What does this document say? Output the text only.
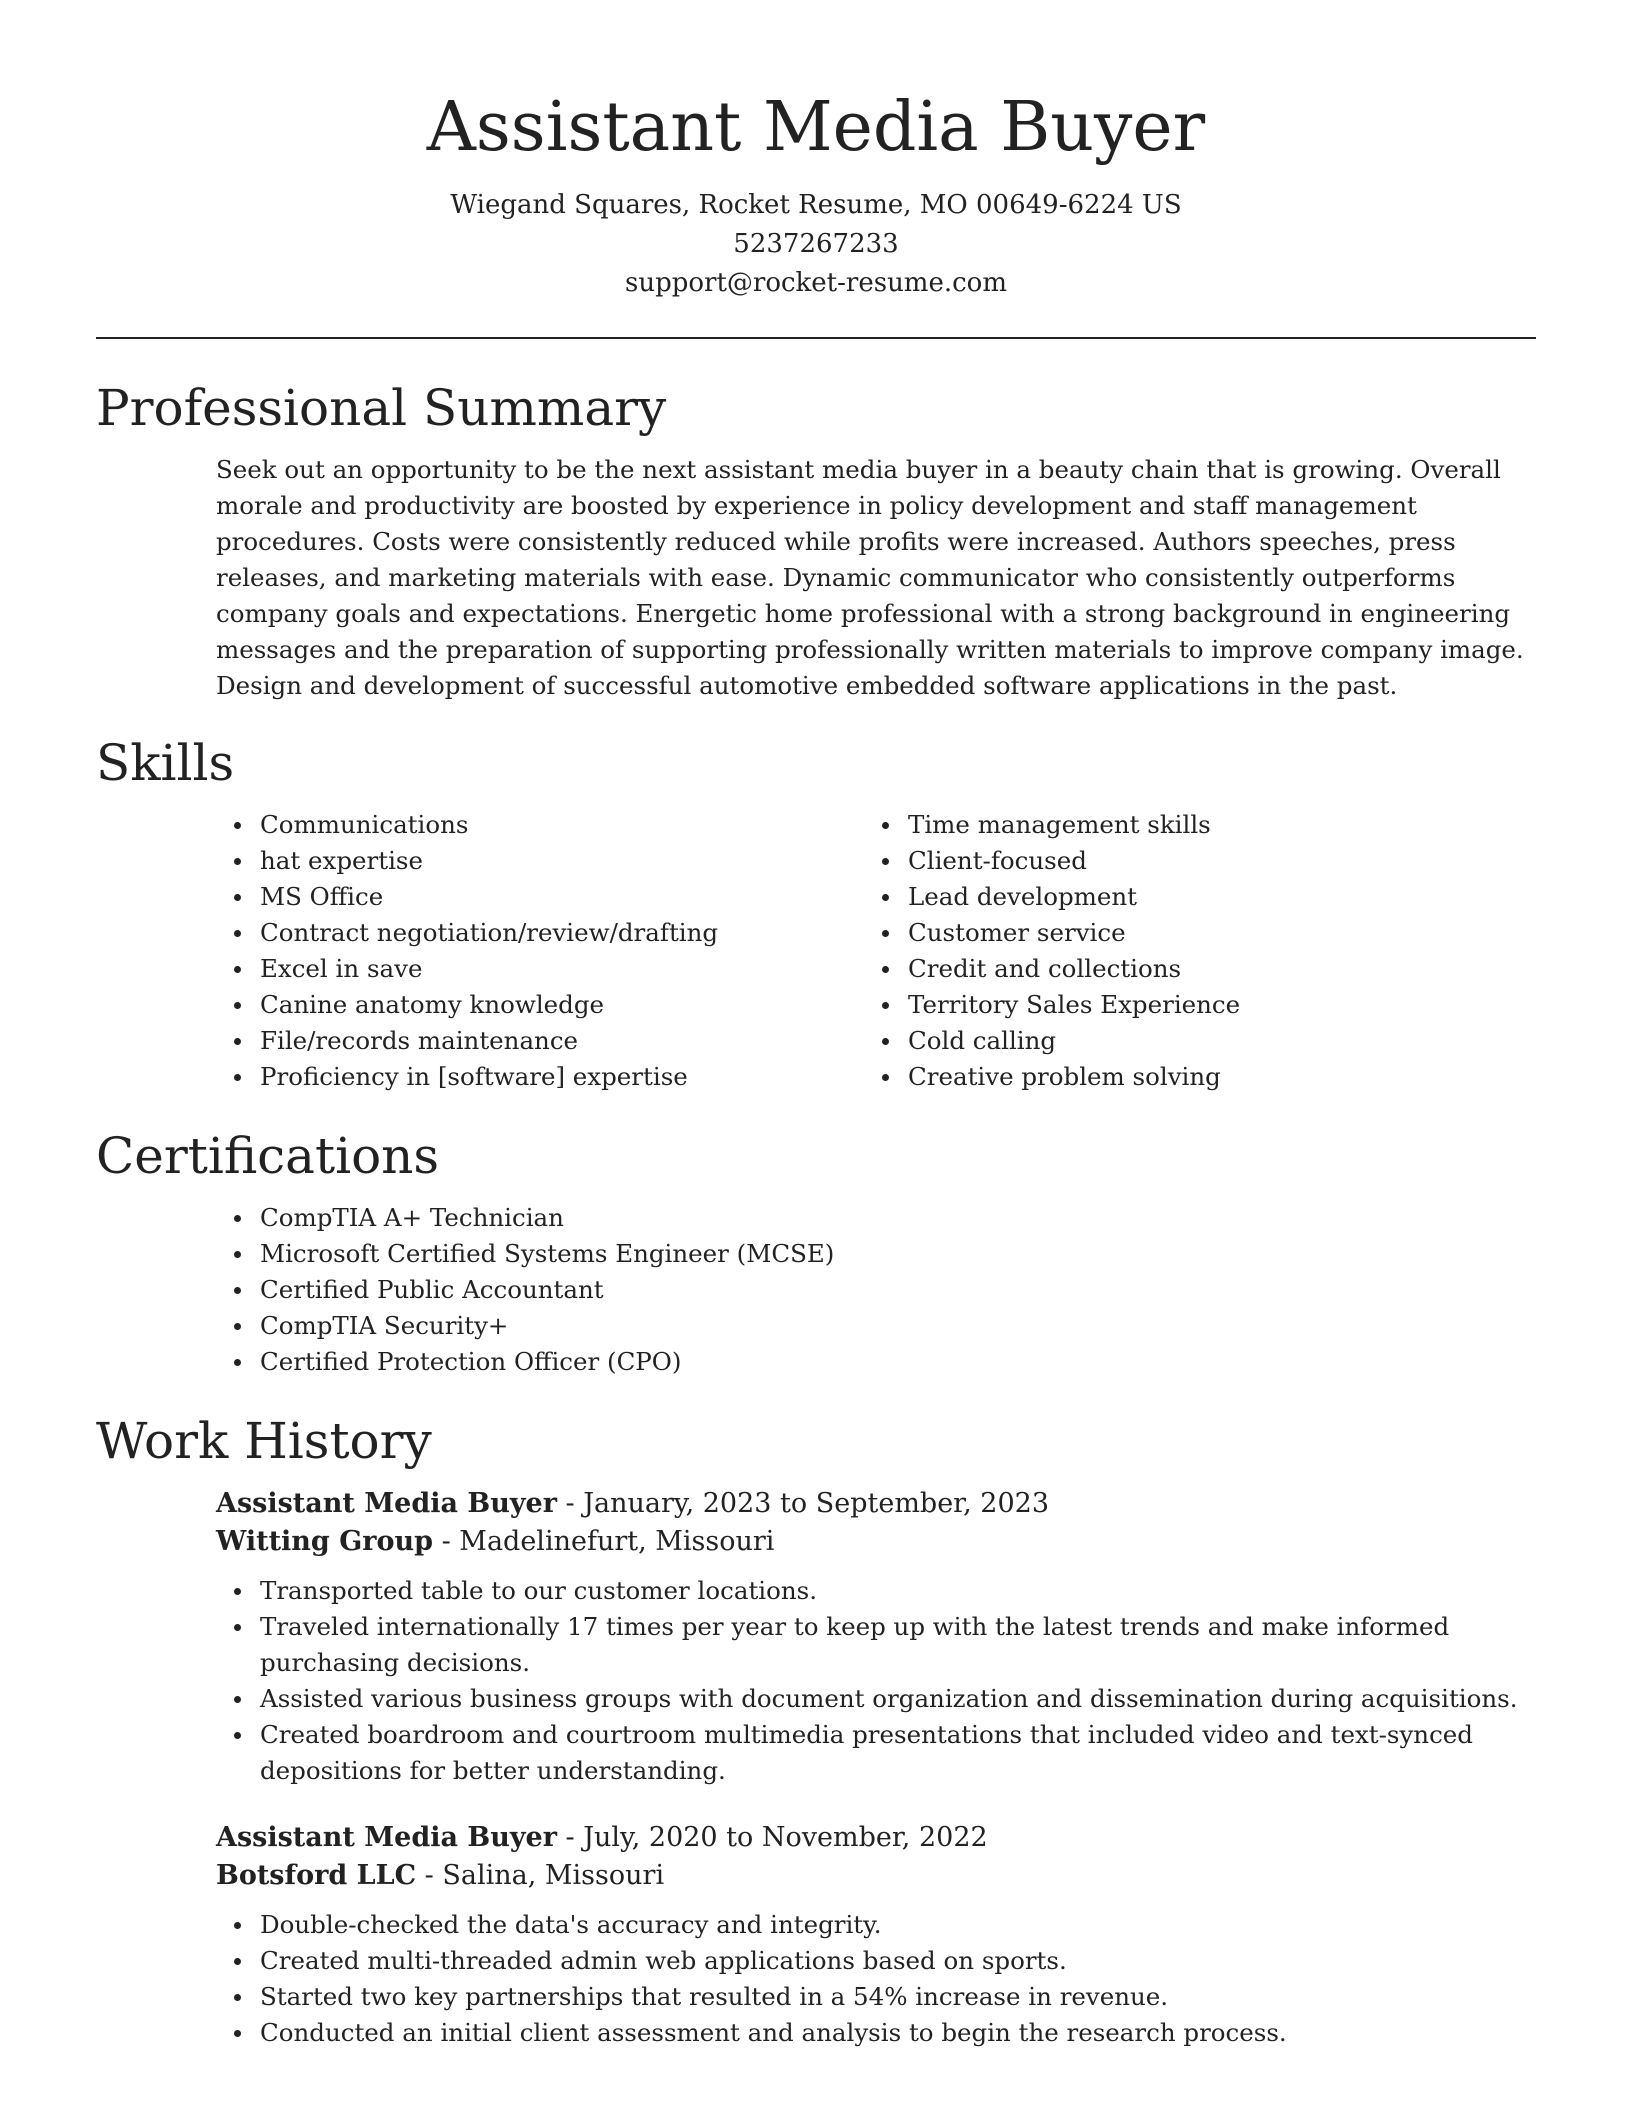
Assistant Media Buyer

Wiegand Squares, Rocket Resume, MO 00649-6224 US

5237267233

support@rocket-resume.com

Professional Summary

Seek out an opportunity to be the next assistant media buyer in a beauty chain that is growing. Overall morale and productivity are boosted by experience in policy development and staff management procedures. Costs were consistently reduced while profits were increased. Authors speeches, press releases, and marketing materials with ease. Dynamic communicator who consistently outperforms company goals and expectations. Energetic home professional with a strong background in engineering messages and the preparation of supporting professionally written materials to improve company image. Design and development of successful automotive embedded software applications in the past.

Skills
Communications
hat expertise
MS Office
Contract negotiation/review/drafting
Excel in save
Canine anatomy knowledge
File/records maintenance
Proficiency in [software] expertise
Time management skills
Client-focused
Lead development
Customer service
Credit and collections
Territory Sales Experience
Cold calling
Creative problem solving
Certifications
CompTIA A+ Technician
Microsoft Certified Systems Engineer (MCSE)
Certified Public Accountant
CompTIA Security+
Certified Protection Officer (CPO)
Work History
Assistant Media Buyer - January, 2023 to September, 2023
Witting Group - Madelinefurt, Missouri
Transported table to our customer locations.
Traveled internationally 17 times per year to keep up with the latest trends and make informed purchasing decisions.
Assisted various business groups with document organization and dissemination during acquisitions.
Created boardroom and courtroom multimedia presentations that included video and text-synced depositions for better understanding.
Assistant Media Buyer - July, 2020 to November, 2022
Botsford LLC - Salina, Missouri
Double-checked the data's accuracy and integrity.
Created multi-threaded admin web applications based on sports.
Started two key partnerships that resulted in a 54% increase in revenue.
Conducted an initial client assessment and analysis to begin the research process.
